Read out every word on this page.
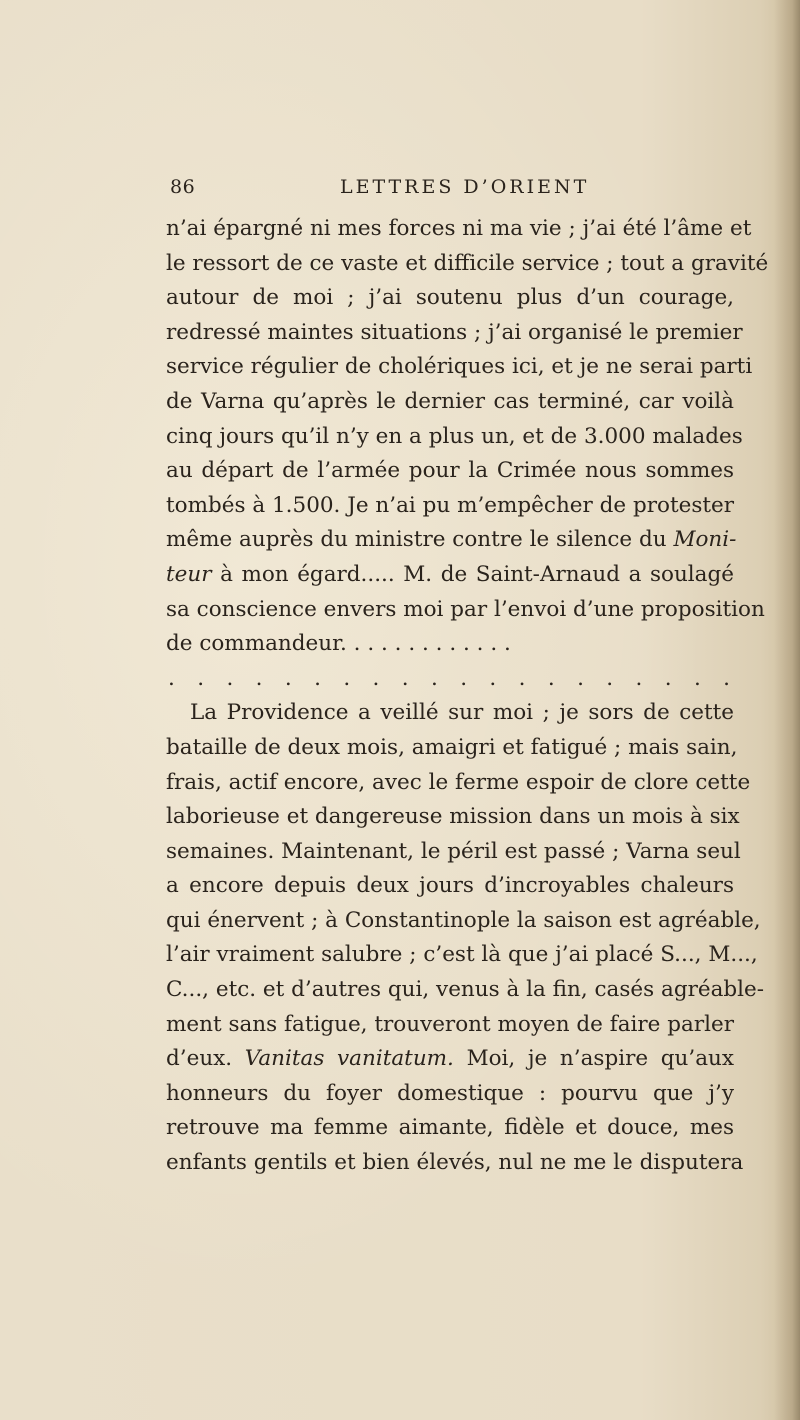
86	LETTRES D’ORIENT
n’ai épargné ni mes forces ni ma vie ; j’ai été l’âme et
le ressort de ce vaste et difficile service ; tout a gravité
autour de moi ; j’ai soutenu plus d’un courage,
redressé maintes situations ; j’ai organisé le premier
service régulier de cholériques ici, et je ne serai parti
de Varna qu’après le dernier cas terminé, car voilà
cinq jours qu’il n’y en a plus un, et de 3.000 malades
au départ de l’armée pour la Crimée nous sommes
tombés à 1.500. Je n’ai pu m’empêcher de protester
même auprès du ministre contre le silence du Moni-
teur à mon égard..... M. de Saint-Arnaud a soulagé
sa conscience envers moi par l’envoi d’une proposition
de commandeur. . . . . . . . . . . . .
. . . . . . . . . . . . . . . . . . . .
La Providence a veillé sur moi ; je sors de cette
bataille de deux mois, amaigri et fatigué ; mais sain,
frais, actif encore, avec le ferme espoir de clore cette
laborieuse et dangereuse mission dans un mois à six
semaines. Maintenant, le péril est passé ; Varna seul
a encore depuis deux jours d’incroyables chaleurs
qui énervent ; à Constantinople la saison est agréable,
l’air vraiment salubre ; c’est là que j’ai placé S..., M...,
C..., etc. et d’autres qui, venus à la fin, casés agréable-
ment sans fatigue, trouveront moyen de faire parler
d’eux. Vanitas vanitatum. Moi, je n’aspire qu’aux
honneurs du foyer domestique : pourvu que j’y
retrouve ma femme aimante, fidèle et douce, mes
enfants gentils et bien élevés, nul ne me le disputera
